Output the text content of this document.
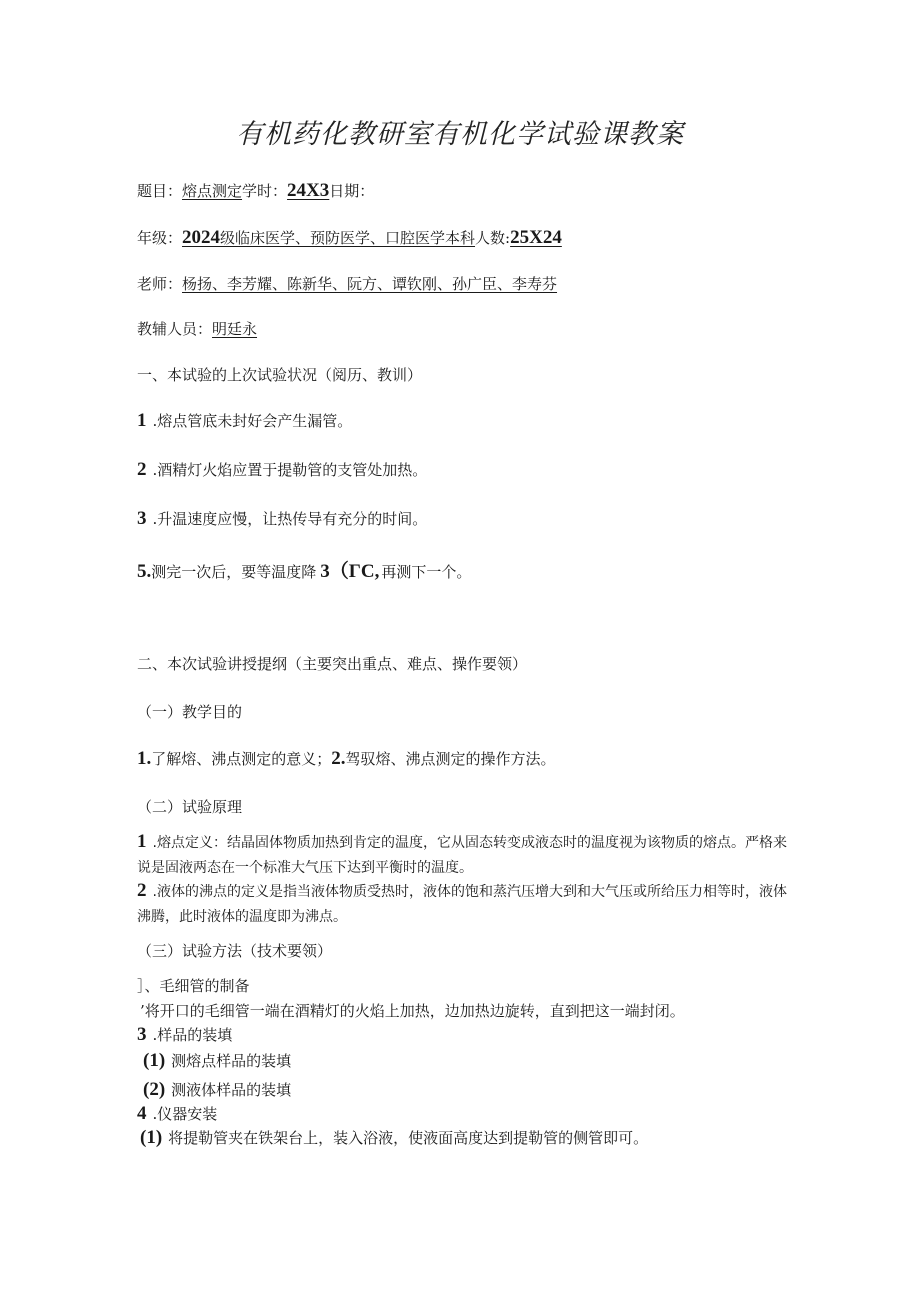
有机药化教研室有机化学试验课教案
题目：熔点测定学时：24X3日期：
年级：2024级临床医学、预防医学、口腔医学本科人数:25X24
老师：杨扬、李芳耀、陈新华、阮方、谭钦刚、孙广臣、李寿芬
教辅人员：明廷永
一、本试验的上次试验状况（阅历、教训）
1 .熔点管底未封好会产生漏管。
2 .酒精灯火焰应置于提勒管的支管处加热。
3 .升温速度应慢，让热传导有充分的时间。
5.测完一次后，要等温度降 3（ΓC, 再测下一个。
二、本次试验讲授提纲（主要突出重点、难点、操作要领）
（一）教学目的
1.了解熔、沸点测定的意义；2.驾驭熔、沸点测定的操作方法。
（二）试验原理
1 .熔点定义：结晶固体物质加热到肯定的温度，它从固态转变成液态时的温度视为该物质的熔点。严格来说是固液两态在一个标准大气压下达到平衡时的温度。
2 .液体的沸点的定义是指当液体物质受热时，液体的饱和蒸汽压增大到和大气压或所给压力相等时，液体沸腾，此时液体的温度即为沸点。
（三）试验方法（技术要领）
］、毛细管的制备
’将开口的毛细管一端在酒精灯的火焰上加热，边加热边旋转，直到把这一端封闭。
3 .样品的装填
(1) 测熔点样品的装填
(2) 测液体样品的装填
4 .仪器安装
(1) 将提勒管夹在铁架台上，装入浴液，使液面高度达到提勒管的侧管即可。
